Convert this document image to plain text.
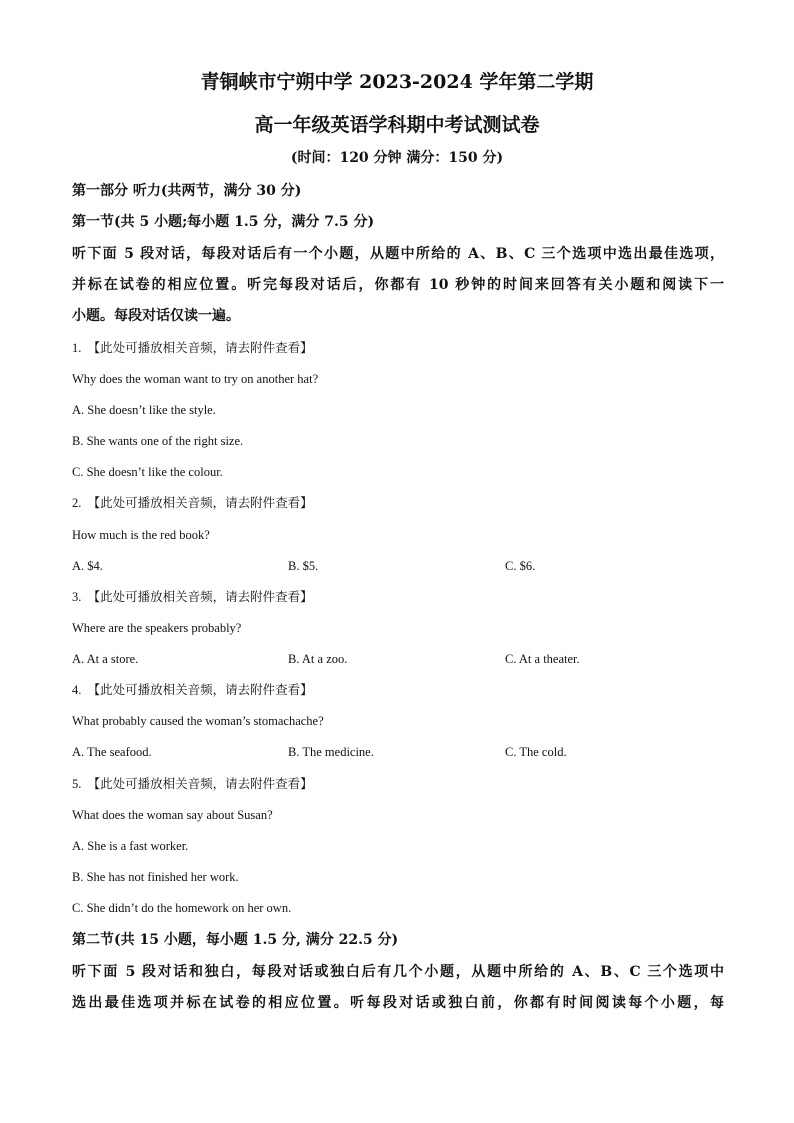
青铜峡市宁朔中学 2023-2024 学年第二学期
高一年级英语学科期中考试测试卷
(时间：120 分钟 满分：150 分)
第一部分 听力(共两节，满分 30 分)
第一节(共 5 小题;每小题 1.5 分，满分 7.5 分)
听下面 5 段对话，每段对话后有一个小题，从题中所给的 A、B、C 三个选项中选出最佳选项，
并标在试卷的相应位置。听完每段对话后，你都有 10 秒钟的时间来回答有关小题和阅读下一
小题。每段对话仅读一遍。
1. 【此处可播放相关音频，请去附件查看】
Why does the woman want to try on another hat?
A. She doesn’t like the style.
B. She wants one of the right size.
C. She doesn’t like the colour.
2. 【此处可播放相关音频，请去附件查看】
How much is the red book?
A. $4.	B. $5.	C. $6.
3. 【此处可播放相关音频，请去附件查看】
Where are the speakers probably?
A. At a store.	B. At a zoo.	C. At a theater.
4. 【此处可播放相关音频，请去附件查看】
What probably caused the woman’s stomachache?
A. The seafood.	B. The medicine.	C. The cold.
5. 【此处可播放相关音频，请去附件查看】
What does the woman say about Susan?
A. She is a fast worker.
B. She has not finished her work.
C. She didn’t do the homework on her own.
第二节(共 15 小题，每小题 1.5 分, 满分 22.5 分)
听下面 5 段对话和独白，每段对话或独白后有几个小题，从题中所给的 A、B、C 三个选项中
选出最佳选项并标在试卷的相应位置。听每段对话或独白前，你都有时间阅读每个小题，每
